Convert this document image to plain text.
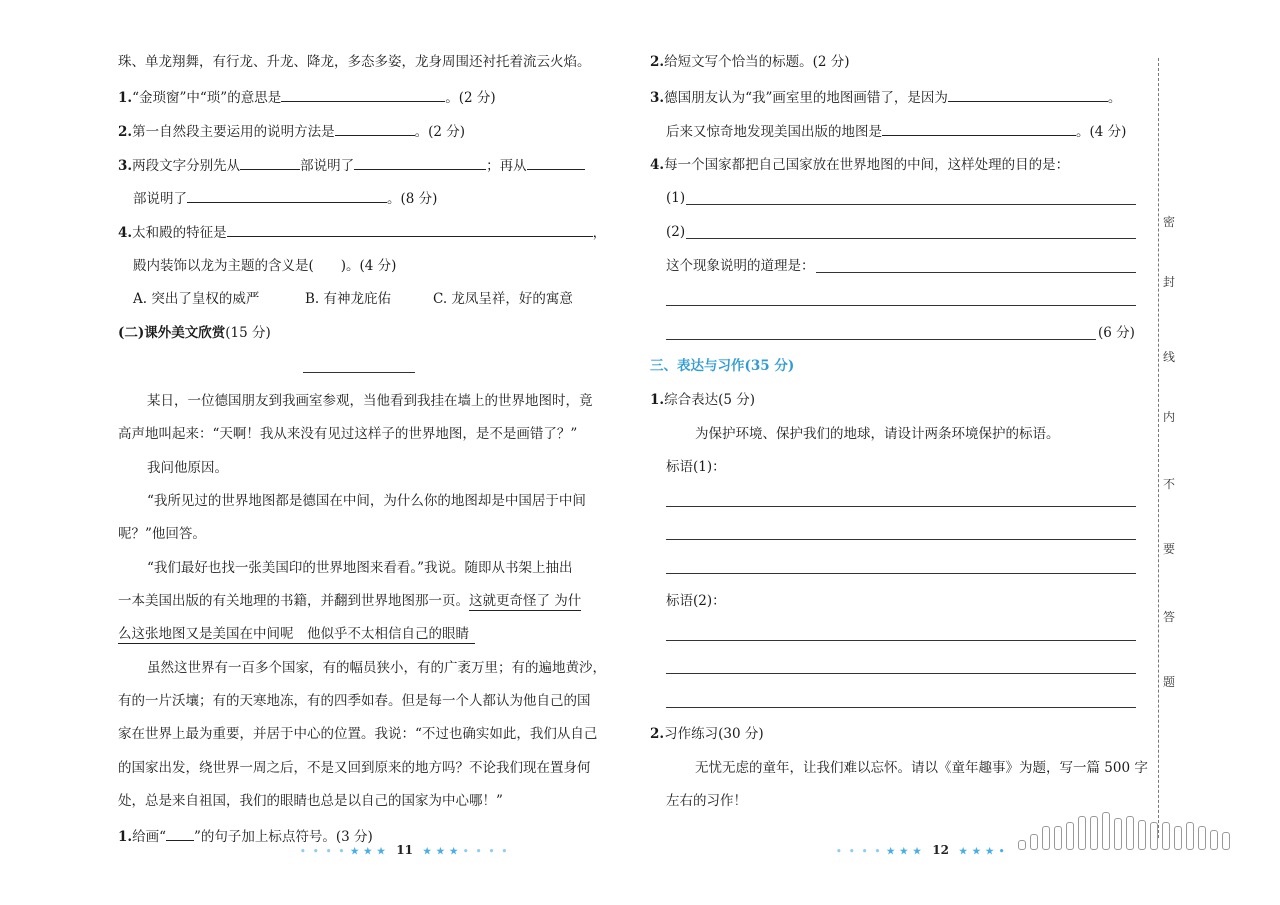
珠、单龙翔舞，有行龙、升龙、降龙，多态多姿，龙身周围还衬托着流云火焰。
1.“金琐窗”中“琐”的意思是	。(2 分)
2.第一自然段主要运用的说明方法是	。(2 分)
3.两段文字分别先从	部说明了	；再从
部说明了	。(8 分)
4.太和殿的特征是	，
殿内装饰以龙为主题的含义是(　　)。(4 分)
A. 突出了皇权的威严	B. 有神龙庇佑	C. 龙凤呈祥，好的寓意
(二)课外美文欣赏(15 分)
某日，一位德国朋友到我画室参观，当他看到我挂在墙上的世界地图时，竟
高声地叫起来：“天啊！我从来没有见过这样子的世界地图，是不是画错了？”
我问他原因。
“我所见过的世界地图都是德国在中间，为什么你的地图却是中国居于中间
呢？”他回答。
“我们最好也找一张美国印的世界地图来看看。”我说。随即从书架上抽出
一本美国出版的有关地理的书籍，并翻到世界地图那一页。这就更奇怪了 为什
么这张地图又是美国在中间呢　他似乎不太相信自己的眼睛
虽然这世界有一百多个国家，有的幅员狭小，有的广袤万里；有的遍地黄沙，
有的一片沃壤；有的天寒地冻，有的四季如春。但是每一个人都认为他自己的国
家在世界上最为重要，并居于中心的位置。我说：“不过也确实如此，我们从自己
的国家出发，绕世界一周之后，不是又回到原来的地方吗？不论我们现在置身何
处，总是来自祖国，我们的眼睛也总是以自己的国家为中心哪！”
1.给画“ ”的句子加上标点符号。(3 分)
• • • • ★ ★ ★ 11 ★ ★ ★ • • • •
2.给短文写个恰当的标题。(2 分)
3.德国朋友认为“我”画室里的地图画错了，是因为	。
后来又惊奇地发现美国出版的地图是	。(4 分)
4.每一个国家都把自己国家放在世界地图的中间，这样处理的目的是：
(1)
(2)
这个现象说明的道理是：
(6 分)
三、表达与习作(35 分)
1.综合表达(5 分)
为保护环境、保护我们的地球，请设计两条环境保护的标语。
标语(1)：
标语(2)：
2.习作练习(30 分)
无忧无虑的童年，让我们难以忘怀。请以《童年趣事》为题，写一篇 500 字
左右的习作！
• • • • ★ ★ ★ 12 ★ ★ ★ •
密
封
线
内
不
要
答
题
